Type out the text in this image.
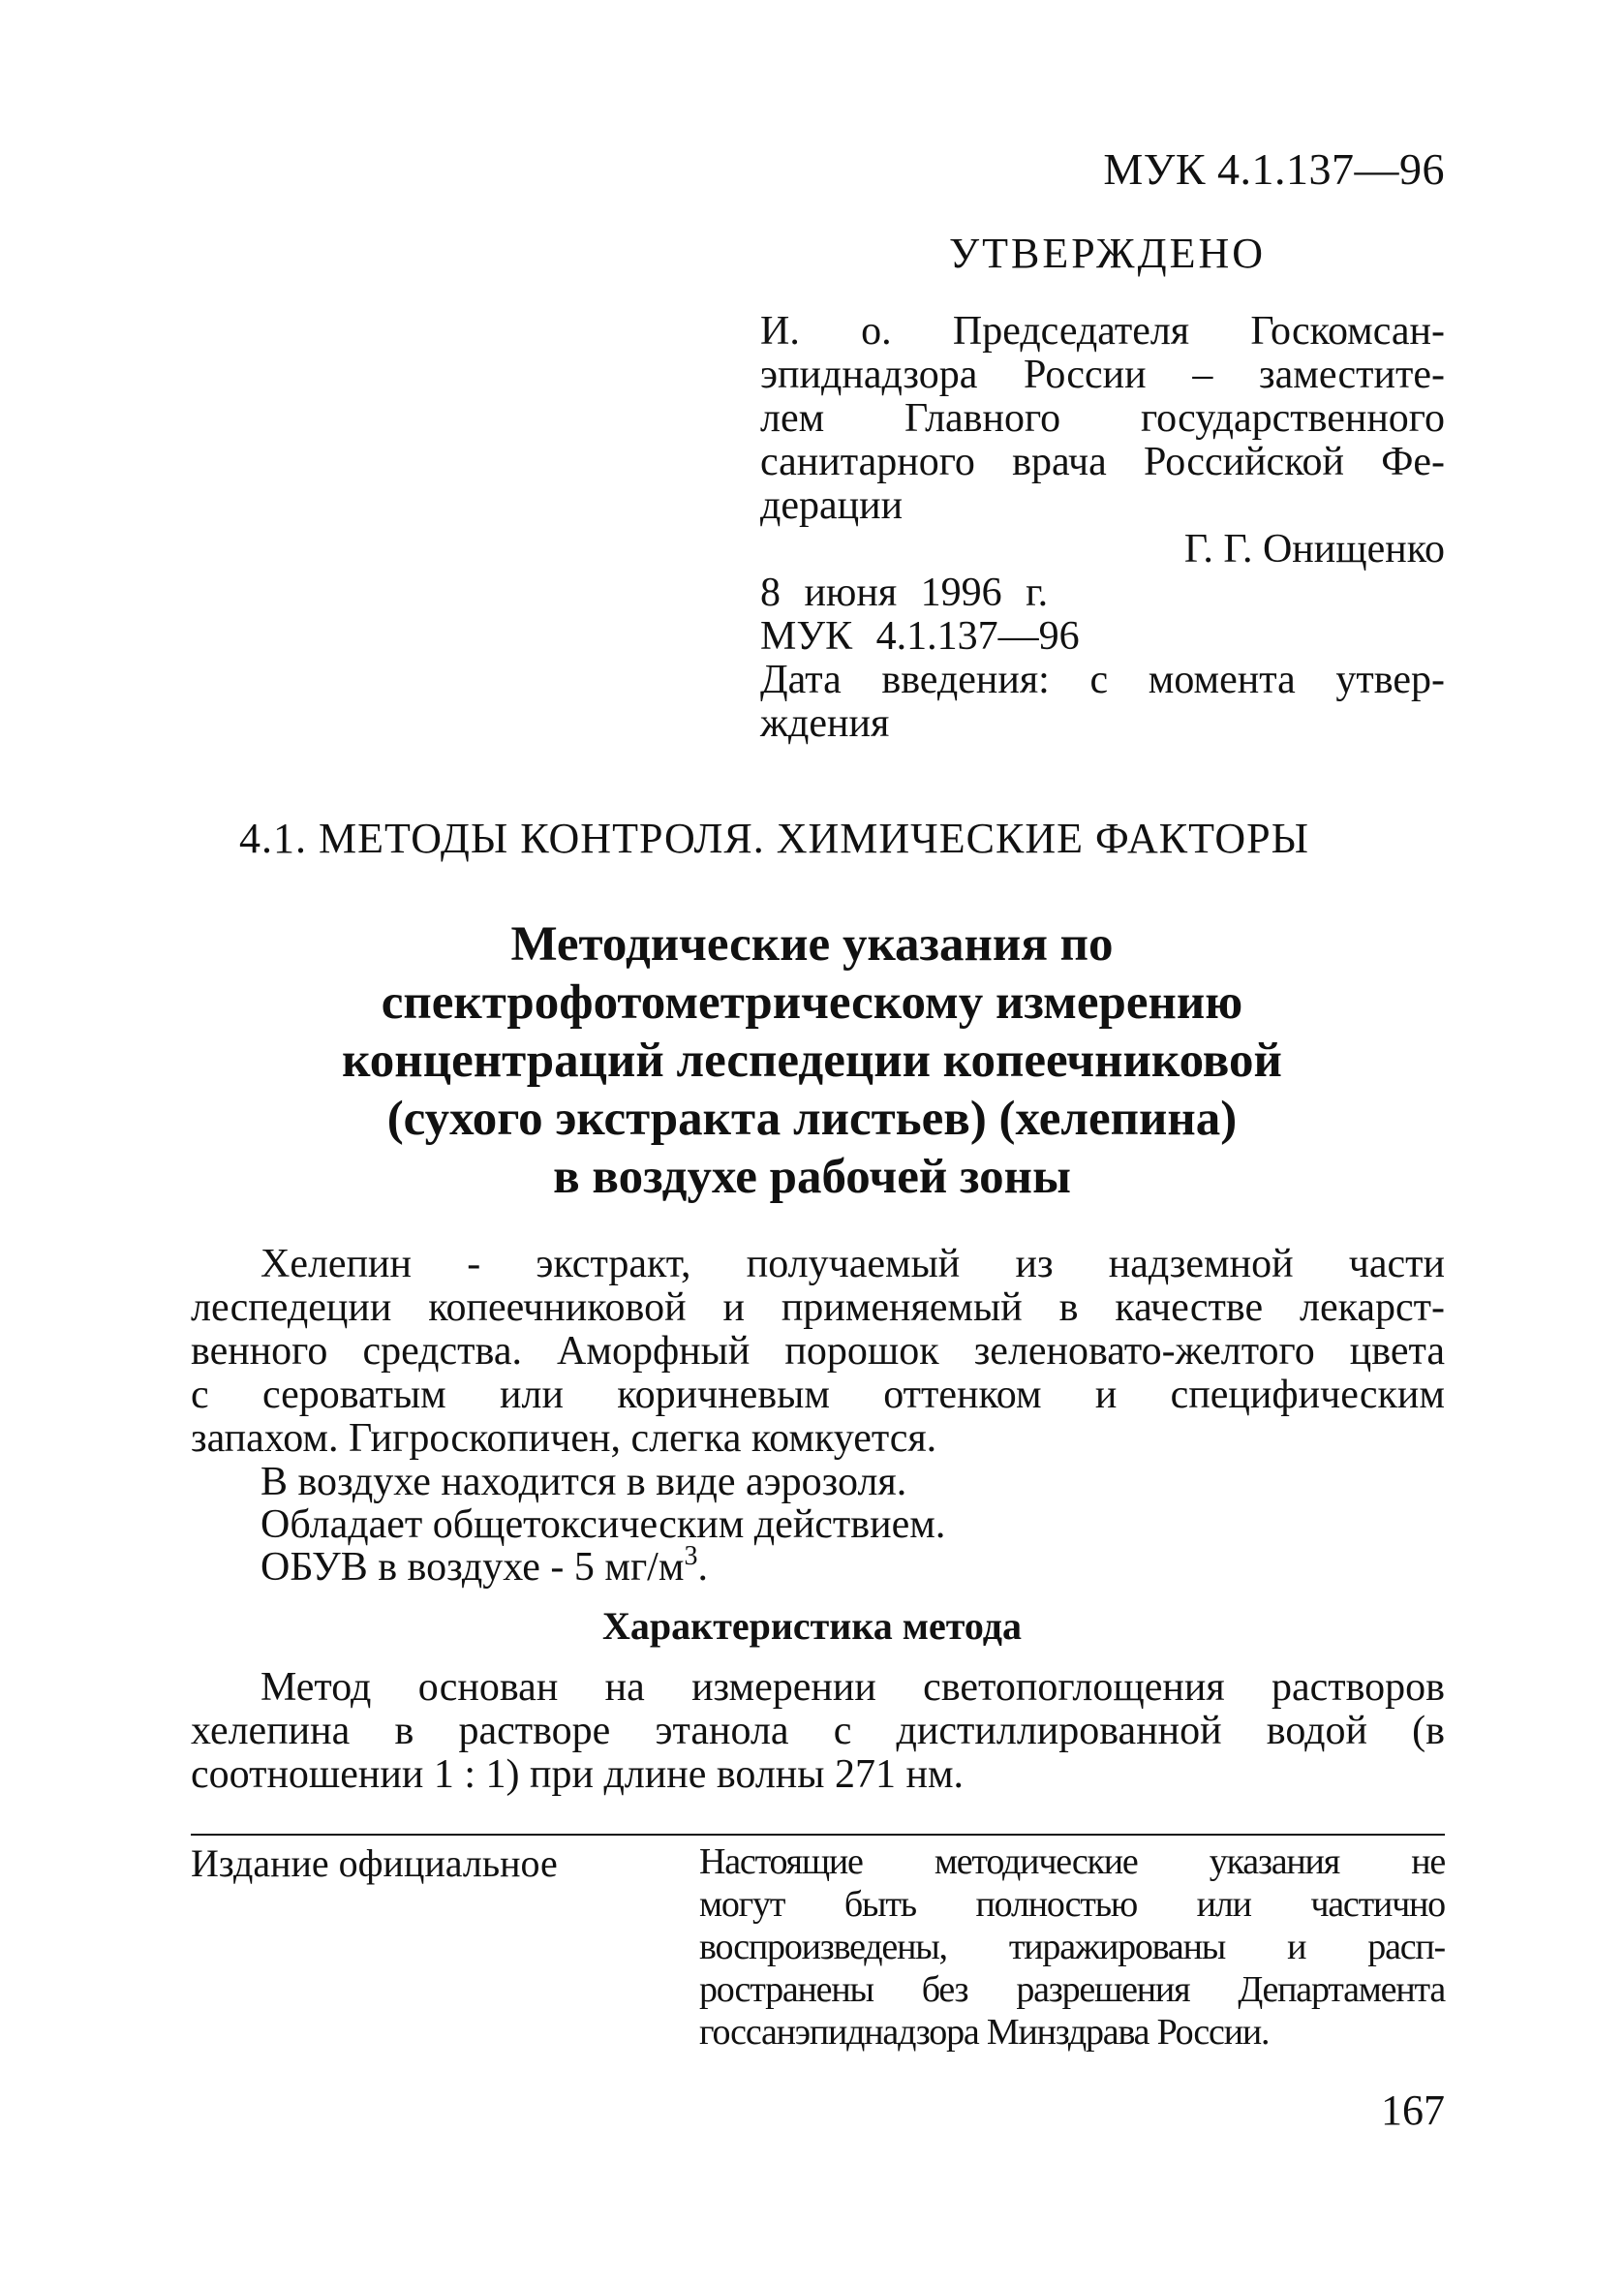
МУК 4.1.137—96
УТВЕРЖДЕНО
И. о. Председателя Госкомсан-
эпиднадзора России – заместите-
лем Главного государственного
санитарного врача Российской Фе-
дерации
Г. Г. Онищенко
8 июня 1996 г.
МУК 4.1.137—96
Дата введения: с момента утвер-
ждения
4.1. МЕТОДЫ КОНТРОЛЯ. ХИМИЧЕСКИЕ ФАКТОРЫ
Методические указания по
спектрофотометрическому измерению
концентраций леспедеции копеечниковой
(сухого экстракта листьев) (хелепина)
в воздухе рабочей зоны
Хелепин - экстракт, получаемый из надземной части
леспедеции копеечниковой и применяемый в качестве лекарст-
венного средства. Аморфный порошок зеленовато-желтого цвета
с сероватым или коричневым оттенком и специфическим
запахом. Гигроскопичен, слегка комкуется.
В воздухе находится в виде аэрозоля.
Обладает общетоксическим действием.
ОБУВ в воздухе - 5 $мг/м^3$.
Характеристика метода
Метод основан на измерении светопоглощения растворов
хелепина в растворе этанола с дистиллированной водой (в
соотношении 1 : 1) при длине волны 271 нм.
Издание официальное	Настоящие методические указания не
могут быть полностью или частично
воспроизведены, тиражированы и расп-
ространены без разрешения Департамента
госсанэпиднадзора Минздрава России.
167
